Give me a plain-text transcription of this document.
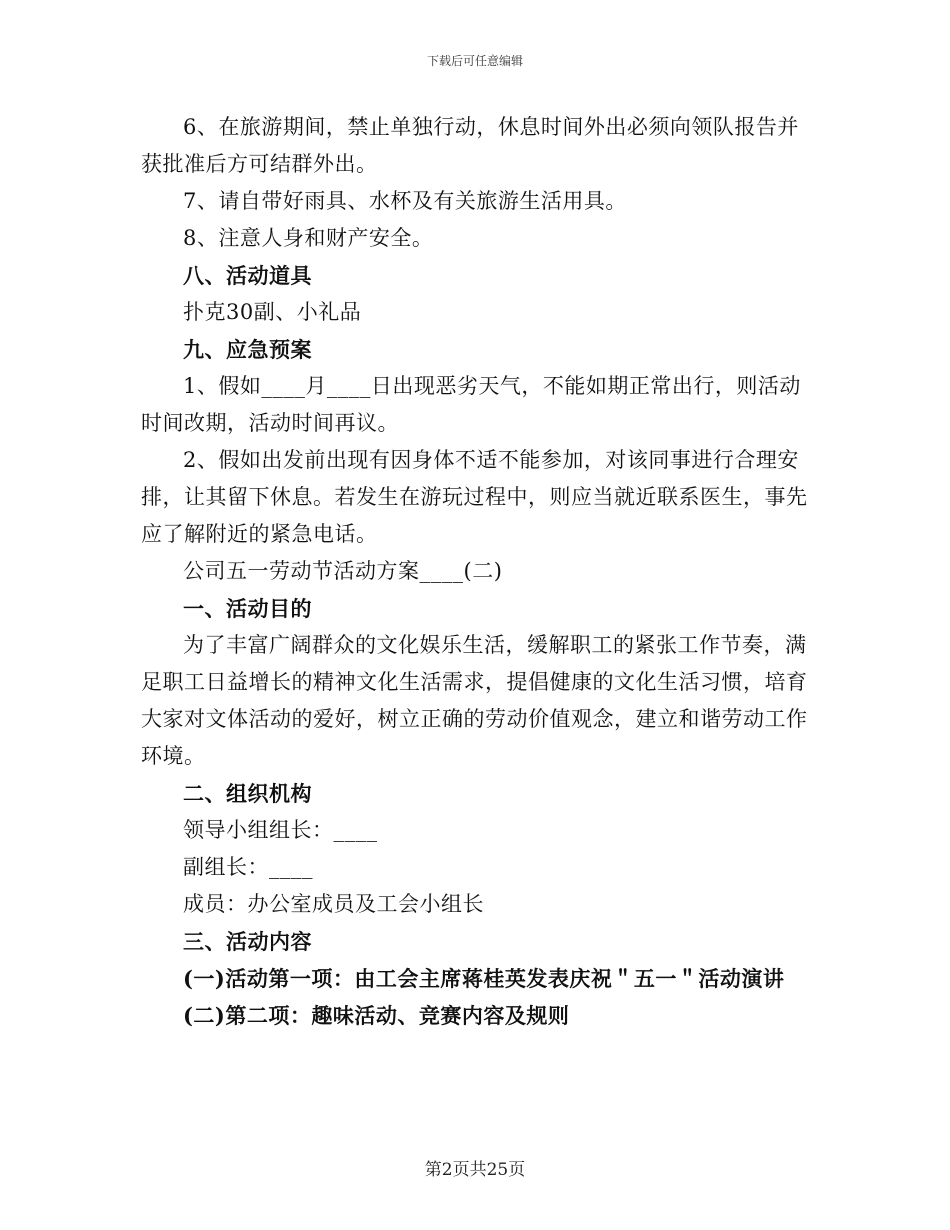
下载后可任意编辑

6、在旅游期间，禁止单独行动，休息时间外出必须向领队报告并获批准后方可结群外出。

7、请自带好雨具、水杯及有关旅游生活用具。

8、注意人身和财产安全。

八、活动道具

扑克30副、小礼品

九、应急预案

1、假如____月____日出现恶劣天气，不能如期正常出行，则活动时间改期，活动时间再议。

2、假如出发前出现有因身体不适不能参加，对该同事进行合理安排，让其留下休息。若发生在游玩过程中，则应当就近联系医生，事先应了解附近的紧急电话。

公司五一劳动节活动方案____(二)

一、活动目的

为了丰富广阔群众的文化娱乐生活，缓解职工的紧张工作节奏，满足职工日益增长的精神文化生活需求，提倡健康的文化生活习惯，培育大家对文体活动的爱好，树立正确的劳动价值观念，建立和谐劳动工作环境。

二、组织机构

领导小组组长：____

副组长：____

成员：办公室成员及工会小组长

三、活动内容

(一)活动第一项：由工会主席蒋桂英发表庆祝＂五一＂活动演讲

(二)第二项：趣味活动、竞赛内容及规则

第2页共25页
